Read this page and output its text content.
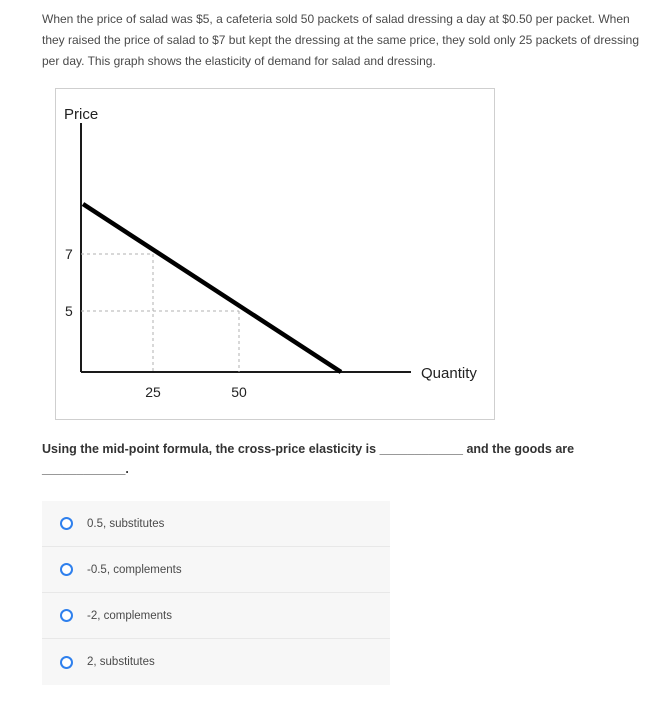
When the price of salad was $5, a cafeteria sold 50 packets of salad dressing a day at $0.50 per packet. When they raised the price of salad to $7 but kept the dressing at the same price, they sold only 25 packets of dressing per day. This graph shows the elasticity of demand for salad and dressing.

Price
Quantity
7
5
25	50

Using the mid-point formula, the cross-price elasticity is ____________ and the goods are ____________.

0.5, substitutes
-0.5, complements
-2, complements
2, substitutes
